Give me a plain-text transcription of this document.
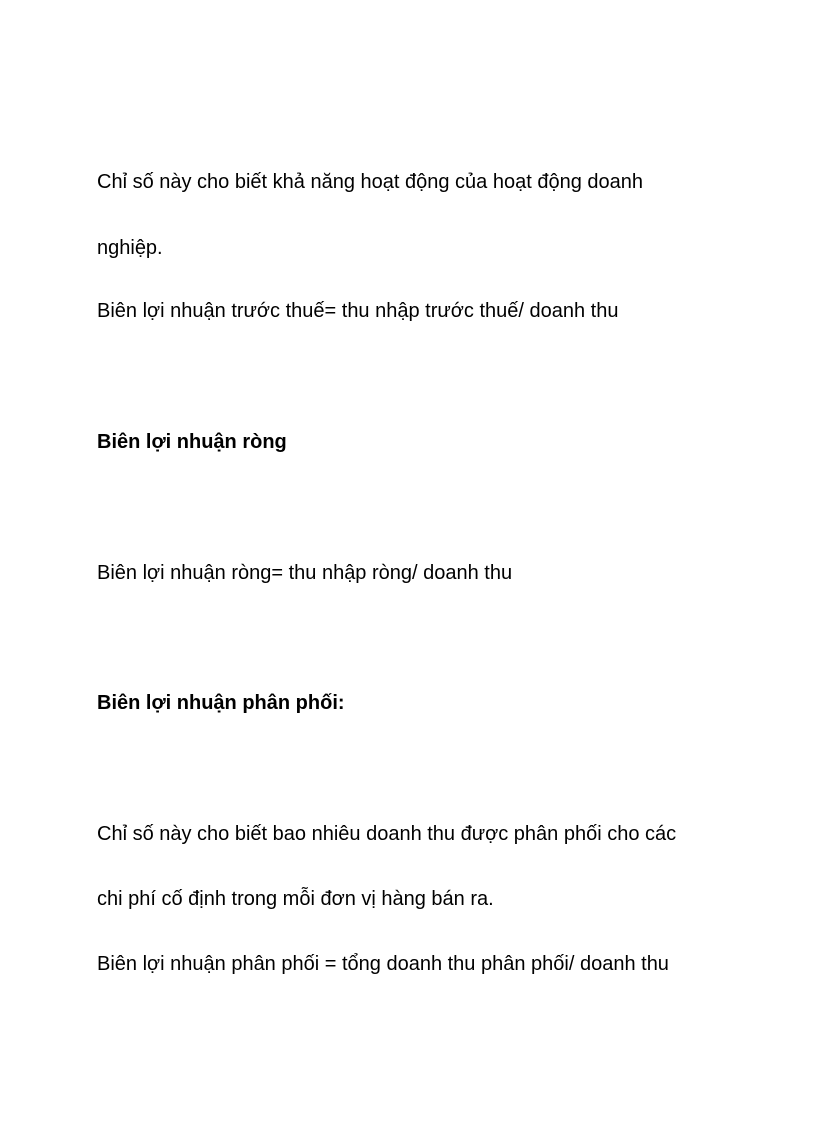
Chỉ số này cho biết khả năng hoạt động của hoạt động doanh

nghiệp.

Biên lợi nhuận trước thuế= thu nhập trước thuế/ doanh thu

Biên lợi nhuận ròng

Biên lợi nhuận ròng= thu nhập ròng/ doanh thu

Biên lợi nhuận phân phối:

Chỉ số này cho biết bao nhiêu doanh thu được phân phối cho các

chi phí cố định trong mỗi đơn vị hàng bán ra.

Biên lợi nhuận phân phối = tổng doanh thu phân phối/ doanh thu
